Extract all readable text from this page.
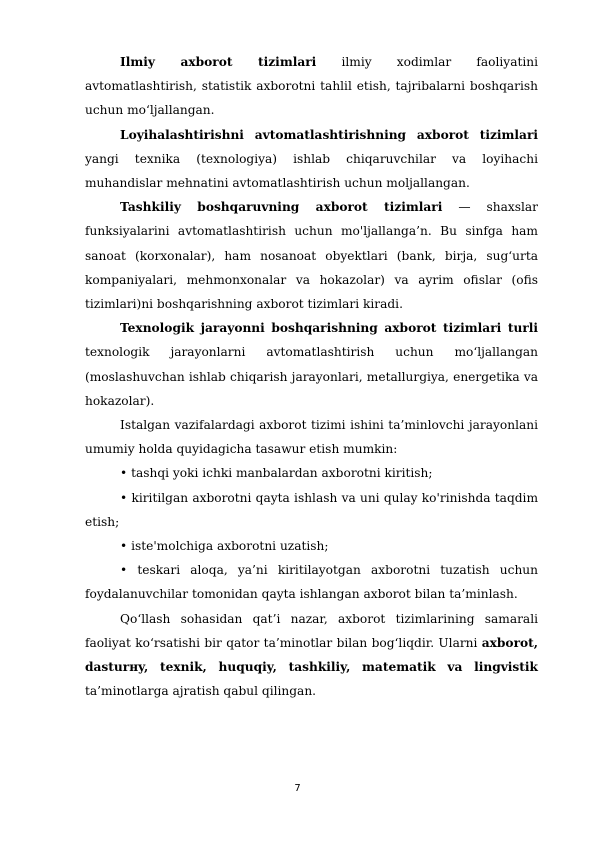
Ilmiy axborot tizimlari ilmiy xodimlar faoliyatini avtomatlashtirish, statistik axborotni tahlil etish, tajribalarni boshqarish uchun mo‘ljallangan.

Loyihalashtirishni avtomatlashtirishning axborot tizimlari yangi texnika (texnologiya) ishlab chiqaruvchilar va loyihachi muhandislar mehnatini avtomatlashtirish uchun moljallangan.

Tashkiliy boshqaruvning axborot tizimlari — shaxslar funksiyalarini avtomatlashtirish uchun mo'ljallanga’n. Bu sinfga ham sanoat (korxonalar), ham nosanoat obyektlari (bank, birja, sug‘urta kompaniyalari, mehmonxonalar va hokazolar) va ayrim ofislar (ofis tizimlari)ni boshqarishning axborot tizimlari kiradi.

Texnologik jarayonni boshqarishning axborot tizimlari turli texnologik jarayonlarni avtomatlashtirish uchun mo‘ljallangan (moslashuvchan ishlab chiqarish jarayonlari, metallurgiya, energetika va hokazolar).

Istalgan vazifalardagi axborot tizimi ishini ta’minlovchi jarayonlani umumiy holda quyidagicha tasawur etish mumkin:

• tashqi yoki ichki manbalardan axborotni kiritish;

• kiritilgan axborotni qayta ishlash va uni qulay ko'rinishda taqdim etish;

• iste'molchiga axborotni uzatish;

• teskari aloqa, ya’ni kiritilayotgan axborotni tuzatish uchun foydalanuvchilar tomonidan qayta ishlangan axborot bilan ta’minlash.

Qo‘llash sohasidan qat’i nazar, axborot tizimlarining samarali faoliyat ko‘rsatishi bir qator ta’minotlar bilan bog‘liqdir. Ularni axborot, dasturнy, texnik, huquqiy, tashkiliy, matematik va lingvistik ta’minotlarga ajratish qabul qilingan.

7
